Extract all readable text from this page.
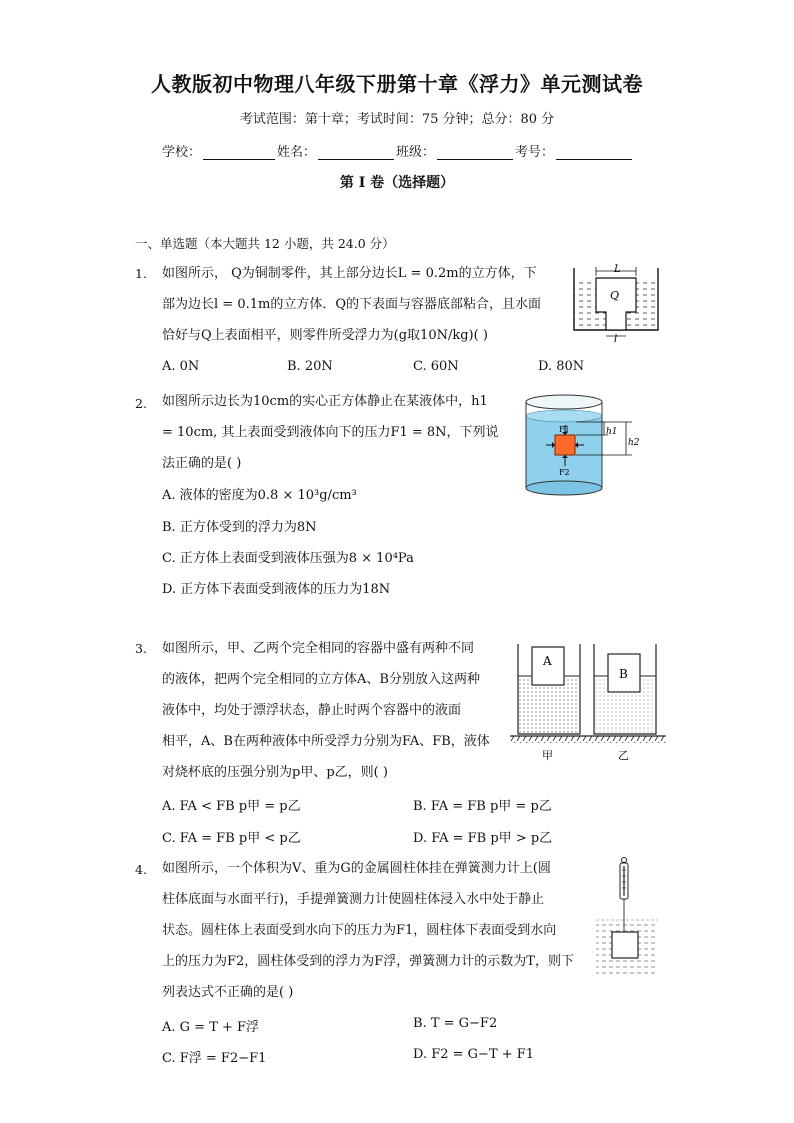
人教版初中物理八年级下册第十章《浮力》单元测试卷
考试范围：第十章；考试时间：75 分钟；总分：80 分
学校：	姓名：	班级：	考号：
第 I 卷（选择题）
一、单选题（本大题共 12 小题，共 24.0 分）
1. 如图所示， Q为铜制零件，其上部分边长L = 0.2m的立方体，下
部为边长l = 0.1m的立方体．Q的下表面与容器底部粘合，且水面
恰好与Q上表面相平，则零件所受浮力为(g取10N/kg)( )
A. 0N	B. 20N	C. 60N	D. 80N
L
Q
l
2. 如图所示边长为10cm的实心正方体静止在某液体中，h1
= 10cm, 其上表面受到液体向下的压力F1 = 8N，下列说
法正确的是( )
A. 液体的密度为0.8 × 10³g/cm³
B. 正方体受到的浮力为8N
C. 正方体上表面受到液体压强为8 × 10⁴Pa
D. 正方体下表面受到液体的压力为18N
F1
F2
h1
h2
3. 如图所示，甲、乙两个完全相同的容器中盛有两种不同
的液体，把两个完全相同的立方体A、B分别放入这两种
液体中，均处于漂浮状态，静止时两个容器中的液面
相平，A、B在两种液体中所受浮力分别为FA、FB，液体
对烧杯底的压强分别为p甲、p乙，则( )
A. FA < FB p甲 = p乙	B. FA = FB p甲 = p乙
C. FA = FB p甲 < p乙	D. FA = FB p甲 > p乙
A
B
甲	乙
4. 如图所示，一个体积为V、重为G的金属圆柱体挂在弹簧测力计上(圆
柱体底面与水面平行)，手提弹簧测力计使圆柱体浸入水中处于静止
状态。圆柱体上表面受到水向下的压力为F1，圆柱体下表面受到水向
上的压力为F2，圆柱体受到的浮力为F浮，弹簧测力计的示数为T，则下
列表达式不正确的是( )
A. G = T + F浮	B. T = G−F2
C. F浮 = F2−F1	D. F2 = G−T + F1
